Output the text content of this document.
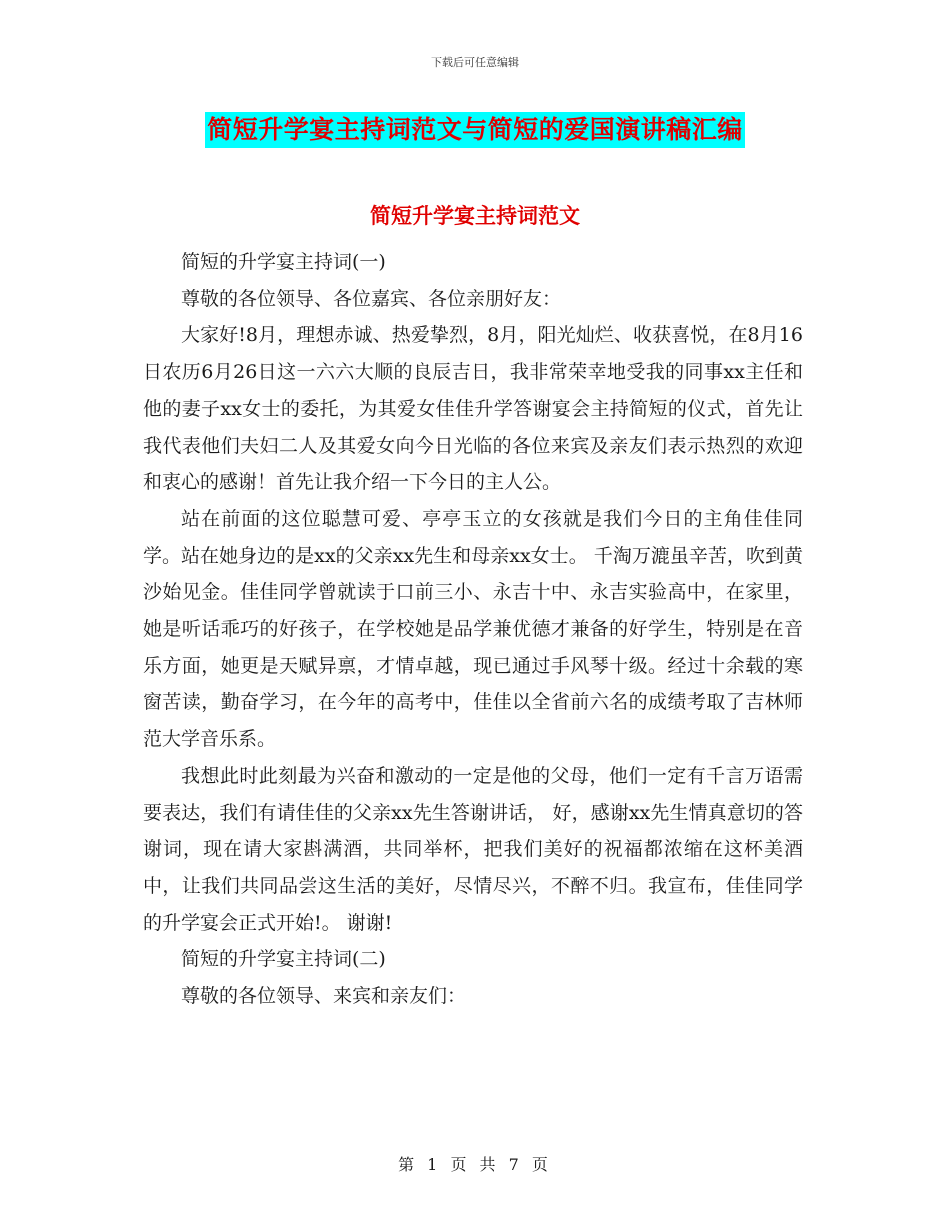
下载后可任意编辑
简短升学宴主持词范文与简短的爱国演讲稿汇编
简短升学宴主持词范文

简短的升学宴主持词(一)

尊敬的各位领导、各位嘉宾、各位亲朋好友：

大家好!8月，理想赤诚、热爱挚烈，8月，阳光灿烂、收获喜悦，在8月16日农历6月26日这一六六大顺的良辰吉日，我非常荣幸地受我的同事xx主任和他的妻子xx女士的委托，为其爱女佳佳升学答谢宴会主持简短的仪式，首先让我代表他们夫妇二人及其爱女向今日光临的各位来宾及亲友们表示热烈的欢迎和衷心的感谢！首先让我介绍一下今日的主人公。

站在前面的这位聪慧可爱、亭亭玉立的女孩就是我们今日的主角佳佳同学。站在她身边的是xx的父亲xx先生和母亲xx女士。 千淘万漉虽辛苦，吹到黄沙始见金。佳佳同学曾就读于口前三小、永吉十中、永吉实验高中，在家里，她是听话乖巧的好孩子，在学校她是品学兼优德才兼备的好学生，特别是在音乐方面，她更是天赋异禀，才情卓越，现已通过手风琴十级。经过十余载的寒窗苦读，勤奋学习，在今年的高考中，佳佳以全省前六名的成绩考取了吉林师范大学音乐系。

我想此时此刻最为兴奋和激动的一定是他的父母，他们一定有千言万语需要表达，我们有请佳佳的父亲xx先生答谢讲话， 好，感谢xx先生情真意切的答谢词，现在请大家斟满酒，共同举杯，把我们美好的祝福都浓缩在这杯美酒中，让我们共同品尝这生活的美好，尽情尽兴，不醉不归。我宣布，佳佳同学的升学宴会正式开始!。 谢谢!

简短的升学宴主持词(二)

尊敬的各位领导、来宾和亲友们：

第 1 页 共 7 页
